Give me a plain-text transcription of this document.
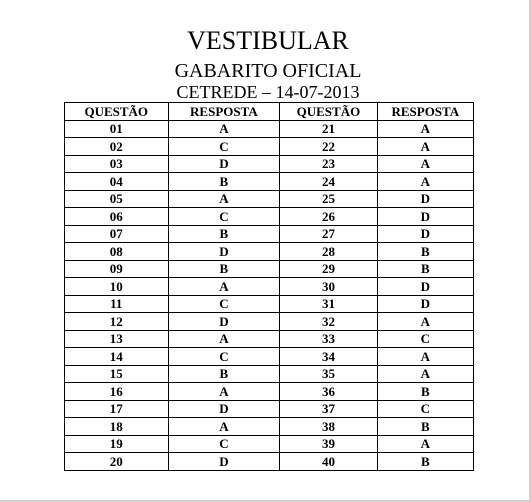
VESTIBULAR
GABARITO OFICIAL
CETREDE – 14-07-2013
QUESTÃO	RESPOSTA	QUESTÃO	RESPOSTA
01	A	21	A
02	C	22	A
03	D	23	A
04	B	24	A
05	A	25	D
06	C	26	D
07	B	27	D
08	D	28	B
09	B	29	B
10	A	30	D
11	C	31	D
12	D	32	A
13	A	33	C
14	C	34	A
15	B	35	A
16	A	36	B
17	D	37	C
18	A	38	B
19	C	39	A
20	D	40	B
